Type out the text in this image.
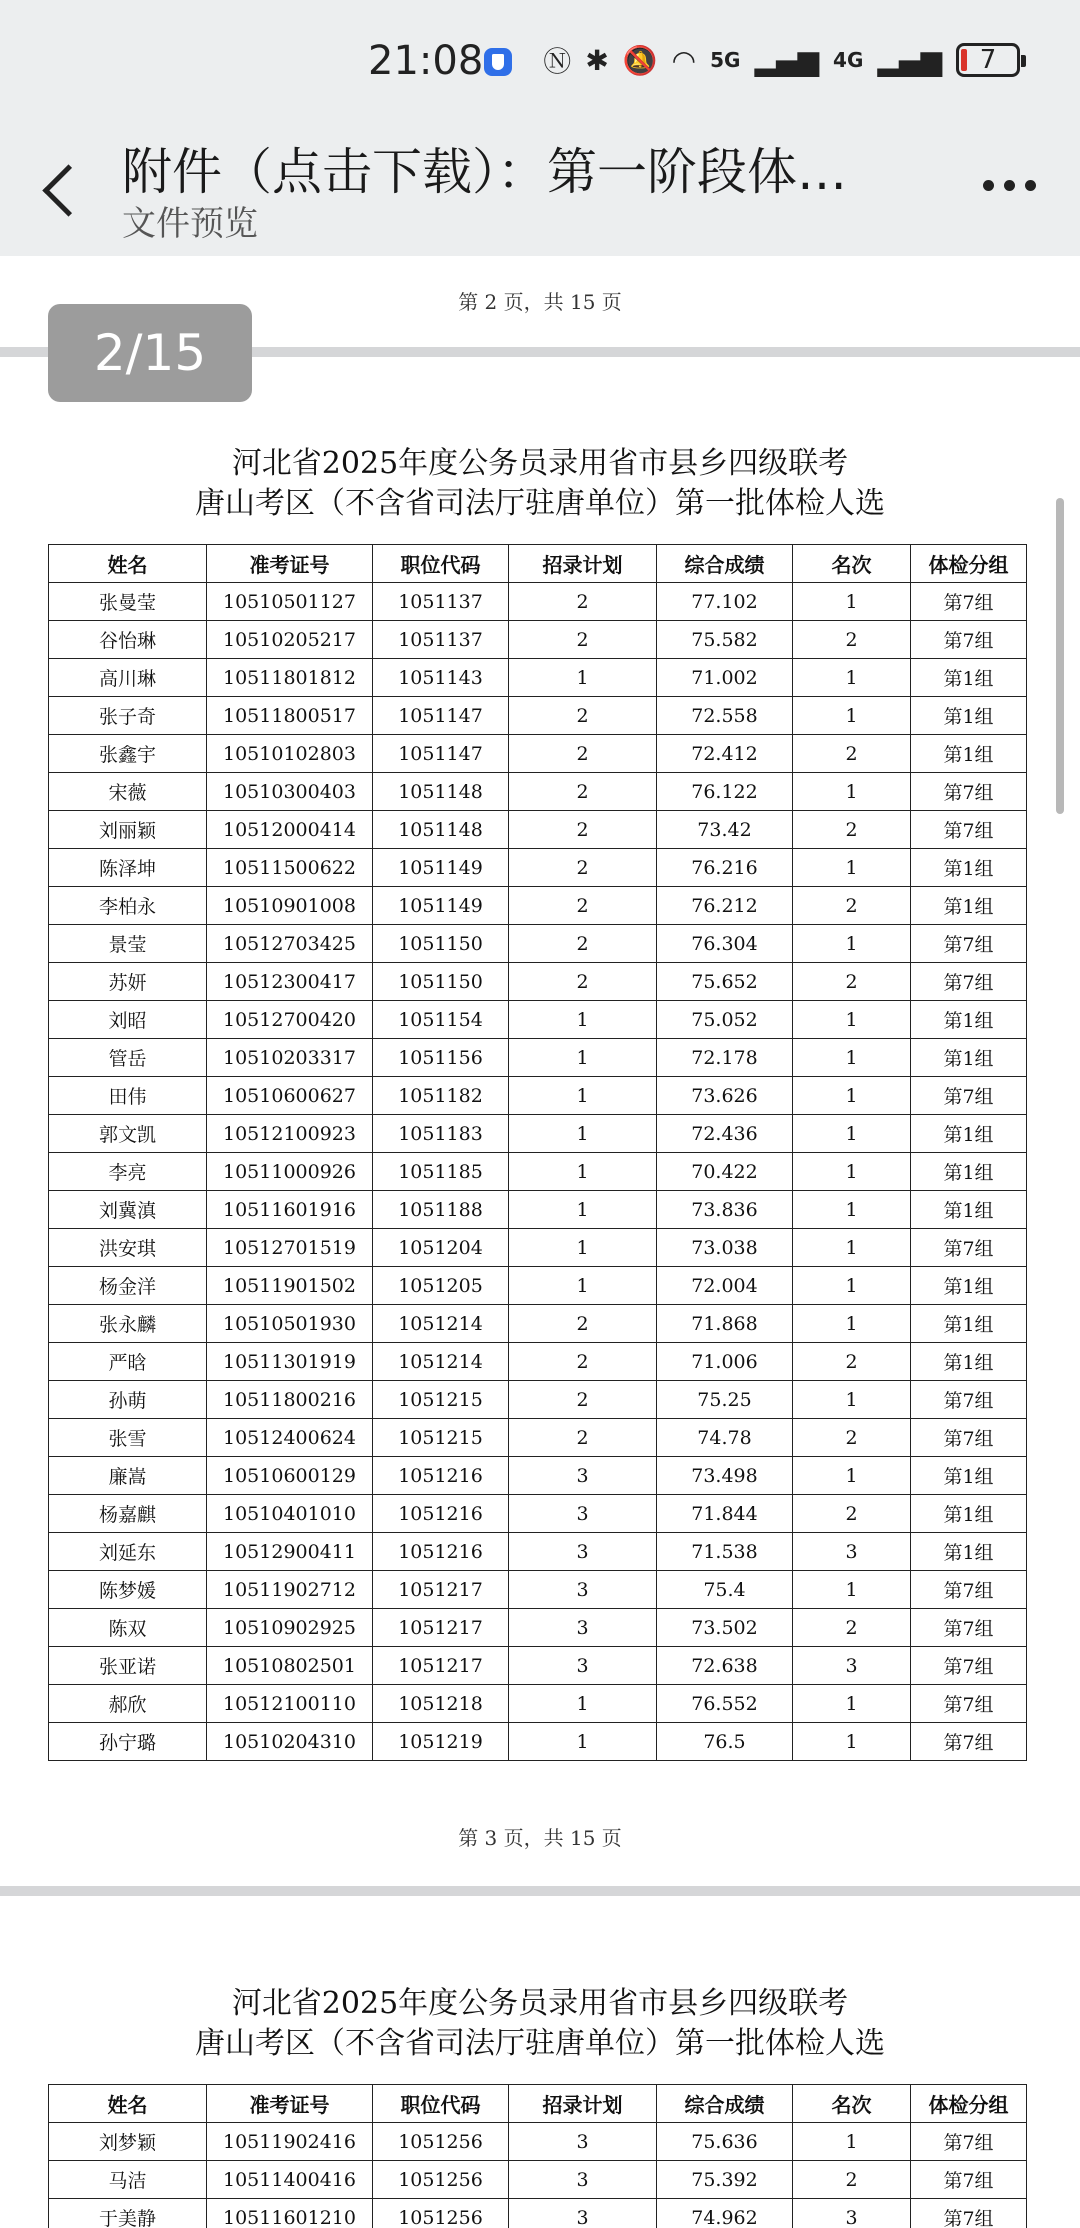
21:08 Ⓝ ✱ 🔕 ◠ 5G ▂▄▆ 4G ▂▄▆	7
附件（点击下载）：第一阶段体…
文件预览
第 2 页，共 15 页
2/15
河北省2025年度公务员录用省市县乡四级联考
唐山考区（不含省司法厅驻唐单位）第一批体检人选
姓名	准考证号	职位代码	招录计划	综合成绩	名次	体检分组
张曼莹	10510501127	1051137	2	77.102	1	第7组
谷怡琳	10510205217	1051137	2	75.582	2	第7组
高川琳	10511801812	1051143	1	71.002	1	第1组
张子奇	10511800517	1051147	2	72.558	1	第1组
张鑫宇	10510102803	1051147	2	72.412	2	第1组
宋薇	10510300403	1051148	2	76.122	1	第7组
刘丽颖	10512000414	1051148	2	73.42	2	第7组
陈泽坤	10511500622	1051149	2	76.216	1	第1组
李柏永	10510901008	1051149	2	76.212	2	第1组
景莹	10512703425	1051150	2	76.304	1	第7组
苏妍	10512300417	1051150	2	75.652	2	第7组
刘昭	10512700420	1051154	1	75.052	1	第1组
管岳	10510203317	1051156	1	72.178	1	第1组
田伟	10510600627	1051182	1	73.626	1	第7组
郭文凯	10512100923	1051183	1	72.436	1	第1组
李亮	10511000926	1051185	1	70.422	1	第1组
刘冀滇	10511601916	1051188	1	73.836	1	第1组
洪安琪	10512701519	1051204	1	73.038	1	第7组
杨金洋	10511901502	1051205	1	72.004	1	第1组
张永麟	10510501930	1051214	2	71.868	1	第1组
严晗	10511301919	1051214	2	71.006	2	第1组
孙萌	10511800216	1051215	2	75.25	1	第7组
张雪	10512400624	1051215	2	74.78	2	第7组
廉嵩	10510600129	1051216	3	73.498	1	第1组
杨嘉麒	10510401010	1051216	3	71.844	2	第1组
刘延东	10512900411	1051216	3	71.538	3	第1组
陈梦媛	10511902712	1051217	3	75.4	1	第7组
陈双	10510902925	1051217	3	73.502	2	第7组
张亚诺	10510802501	1051217	3	72.638	3	第7组
郝欣	10512100110	1051218	1	76.552	1	第7组
孙宁璐	10510204310	1051219	1	76.5	1	第7组
第 3 页，共 15 页
河北省2025年度公务员录用省市县乡四级联考
唐山考区（不含省司法厅驻唐单位）第一批体检人选
姓名	准考证号	职位代码	招录计划	综合成绩	名次	体检分组
刘梦颖	10511902416	1051256	3	75.636	1	第7组
马洁	10511400416	1051256	3	75.392	2	第7组
于美静	10511601210	1051256	3	74.962	3	第7组
